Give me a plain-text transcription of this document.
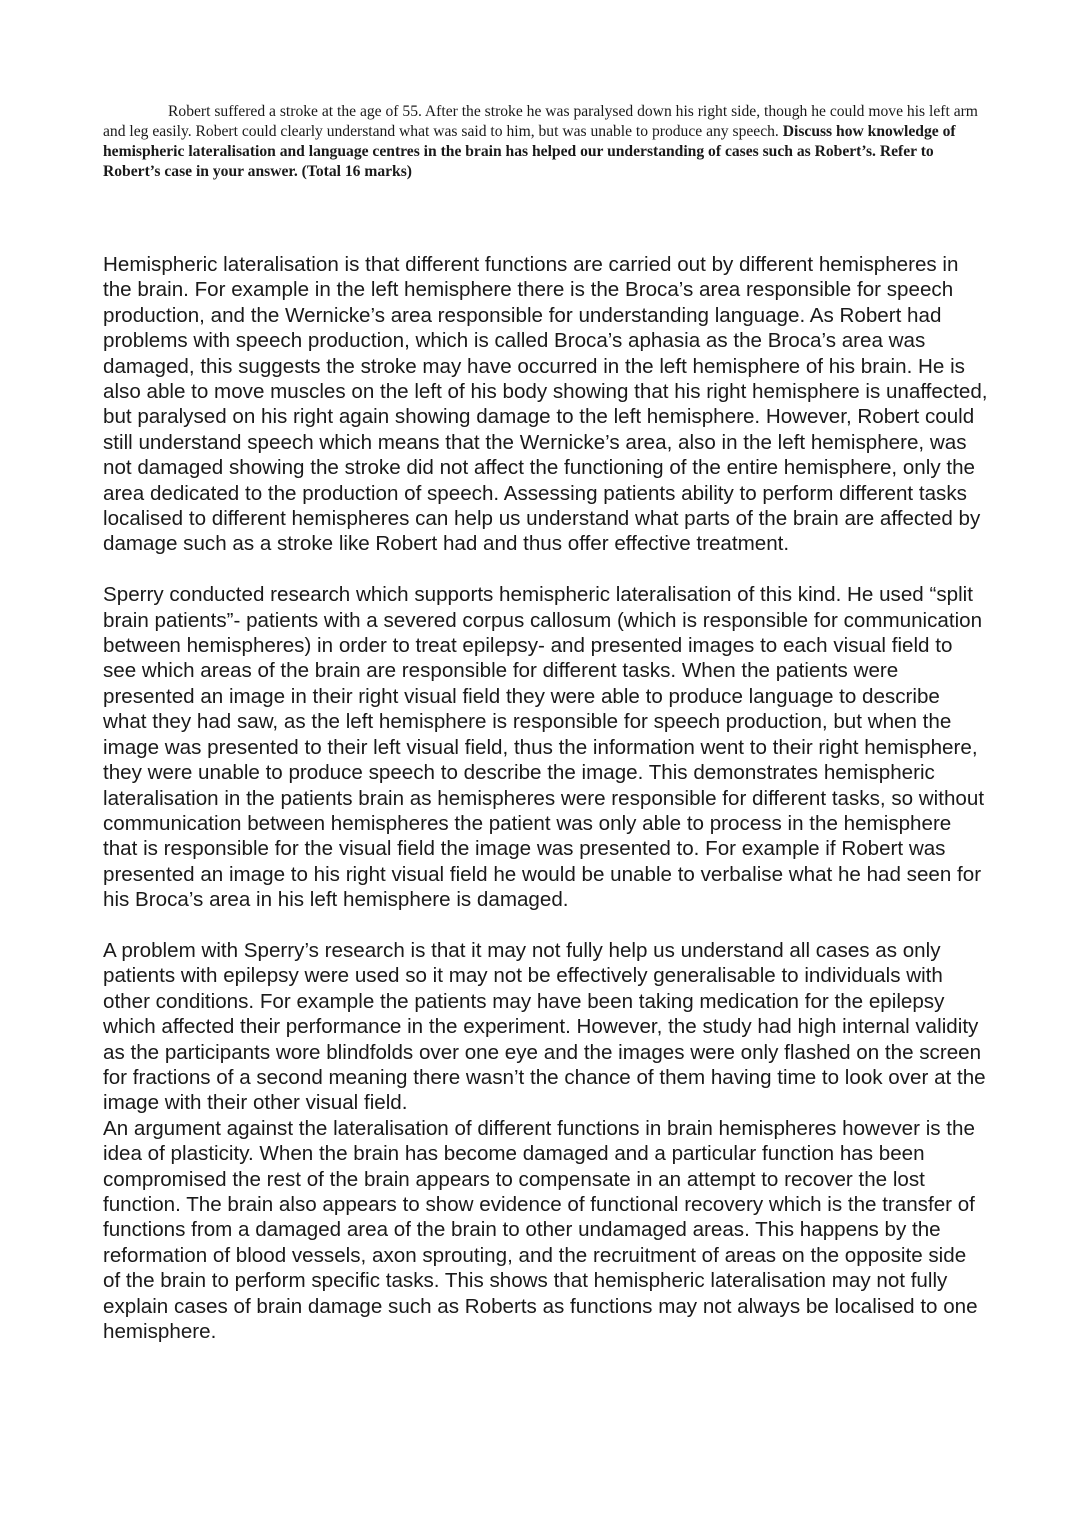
Robert suffered a stroke at the age of 55. After the stroke he was paralysed down his right side, though he could move his left arm and leg easily. Robert could clearly understand what was said to him, but was unable to produce any speech. Discuss how knowledge of hemispheric lateralisation and language centres in the brain has helped our understanding of cases such as Robert’s. Refer to Robert’s case in your answer. (Total 16 marks)

Hemispheric lateralisation is that different functions are carried out by different hemispheres in the brain. For example in the left hemisphere there is the Broca’s area responsible for speech production, and the Wernicke’s area responsible for understanding language. As Robert had problems with speech production, which is called Broca’s aphasia as the Broca’s area was damaged, this suggests the stroke may have occurred in the left hemisphere of his brain. He is also able to move muscles on the left of his body showing that his right hemisphere is unaffected, but paralysed on his right again showing damage to the left hemisphere. However, Robert could still understand speech which means that the Wernicke’s area, also in the left hemisphere, was not damaged showing the stroke did not affect the functioning of the entire hemisphere, only the area dedicated to the production of speech. Assessing patients ability to perform different tasks localised to different hemispheres can help us understand what parts of the brain are affected by damage such as a stroke like Robert had and thus offer effective treatment.

Sperry conducted research which supports hemispheric lateralisation of this kind. He used “split brain patients”- patients with a severed corpus callosum (which is responsible for communication between hemispheres) in order to treat epilepsy- and presented images to each visual field to see which areas of the brain are responsible for different tasks. When the patients were presented an image in their right visual field they were able to produce language to describe what they had saw, as the left hemisphere is responsible for speech production, but when the image was presented to their left visual field, thus the information went to their right hemisphere, they were unable to produce speech to describe the image. This demonstrates hemispheric lateralisation in the patients brain as hemispheres were responsible for different tasks, so without communication between hemispheres the patient was only able to process in the hemisphere that is responsible for the visual field the image was presented to. For example if Robert was presented an image to his right visual field he would be unable to verbalise what he had seen for his Broca’s area in his left hemisphere is damaged.

A problem with Sperry’s research is that it may not fully help us understand all cases as only patients with epilepsy were used so it may not be effectively generalisable to individuals with other conditions. For example the patients may have been taking medication for the epilepsy which affected their performance in the experiment. However, the study had high internal validity as the participants wore blindfolds over one eye and the images were only flashed on the screen for fractions of a second meaning there wasn’t the chance of them having time to look over at the image with their other visual field.

An argument against the lateralisation of different functions in brain hemispheres however is the idea of plasticity. When the brain has become damaged and a particular function has been compromised the rest of the brain appears to compensate in an attempt to recover the lost function. The brain also appears to show evidence of functional recovery which is the transfer of functions from a damaged area of the brain to other undamaged areas. This happens by the reformation of blood vessels, axon sprouting, and the recruitment of areas on the opposite side of the brain to perform specific tasks. This shows that hemispheric lateralisation may not fully explain cases of brain damage such as Roberts as functions may not always be localised to one hemisphere.
